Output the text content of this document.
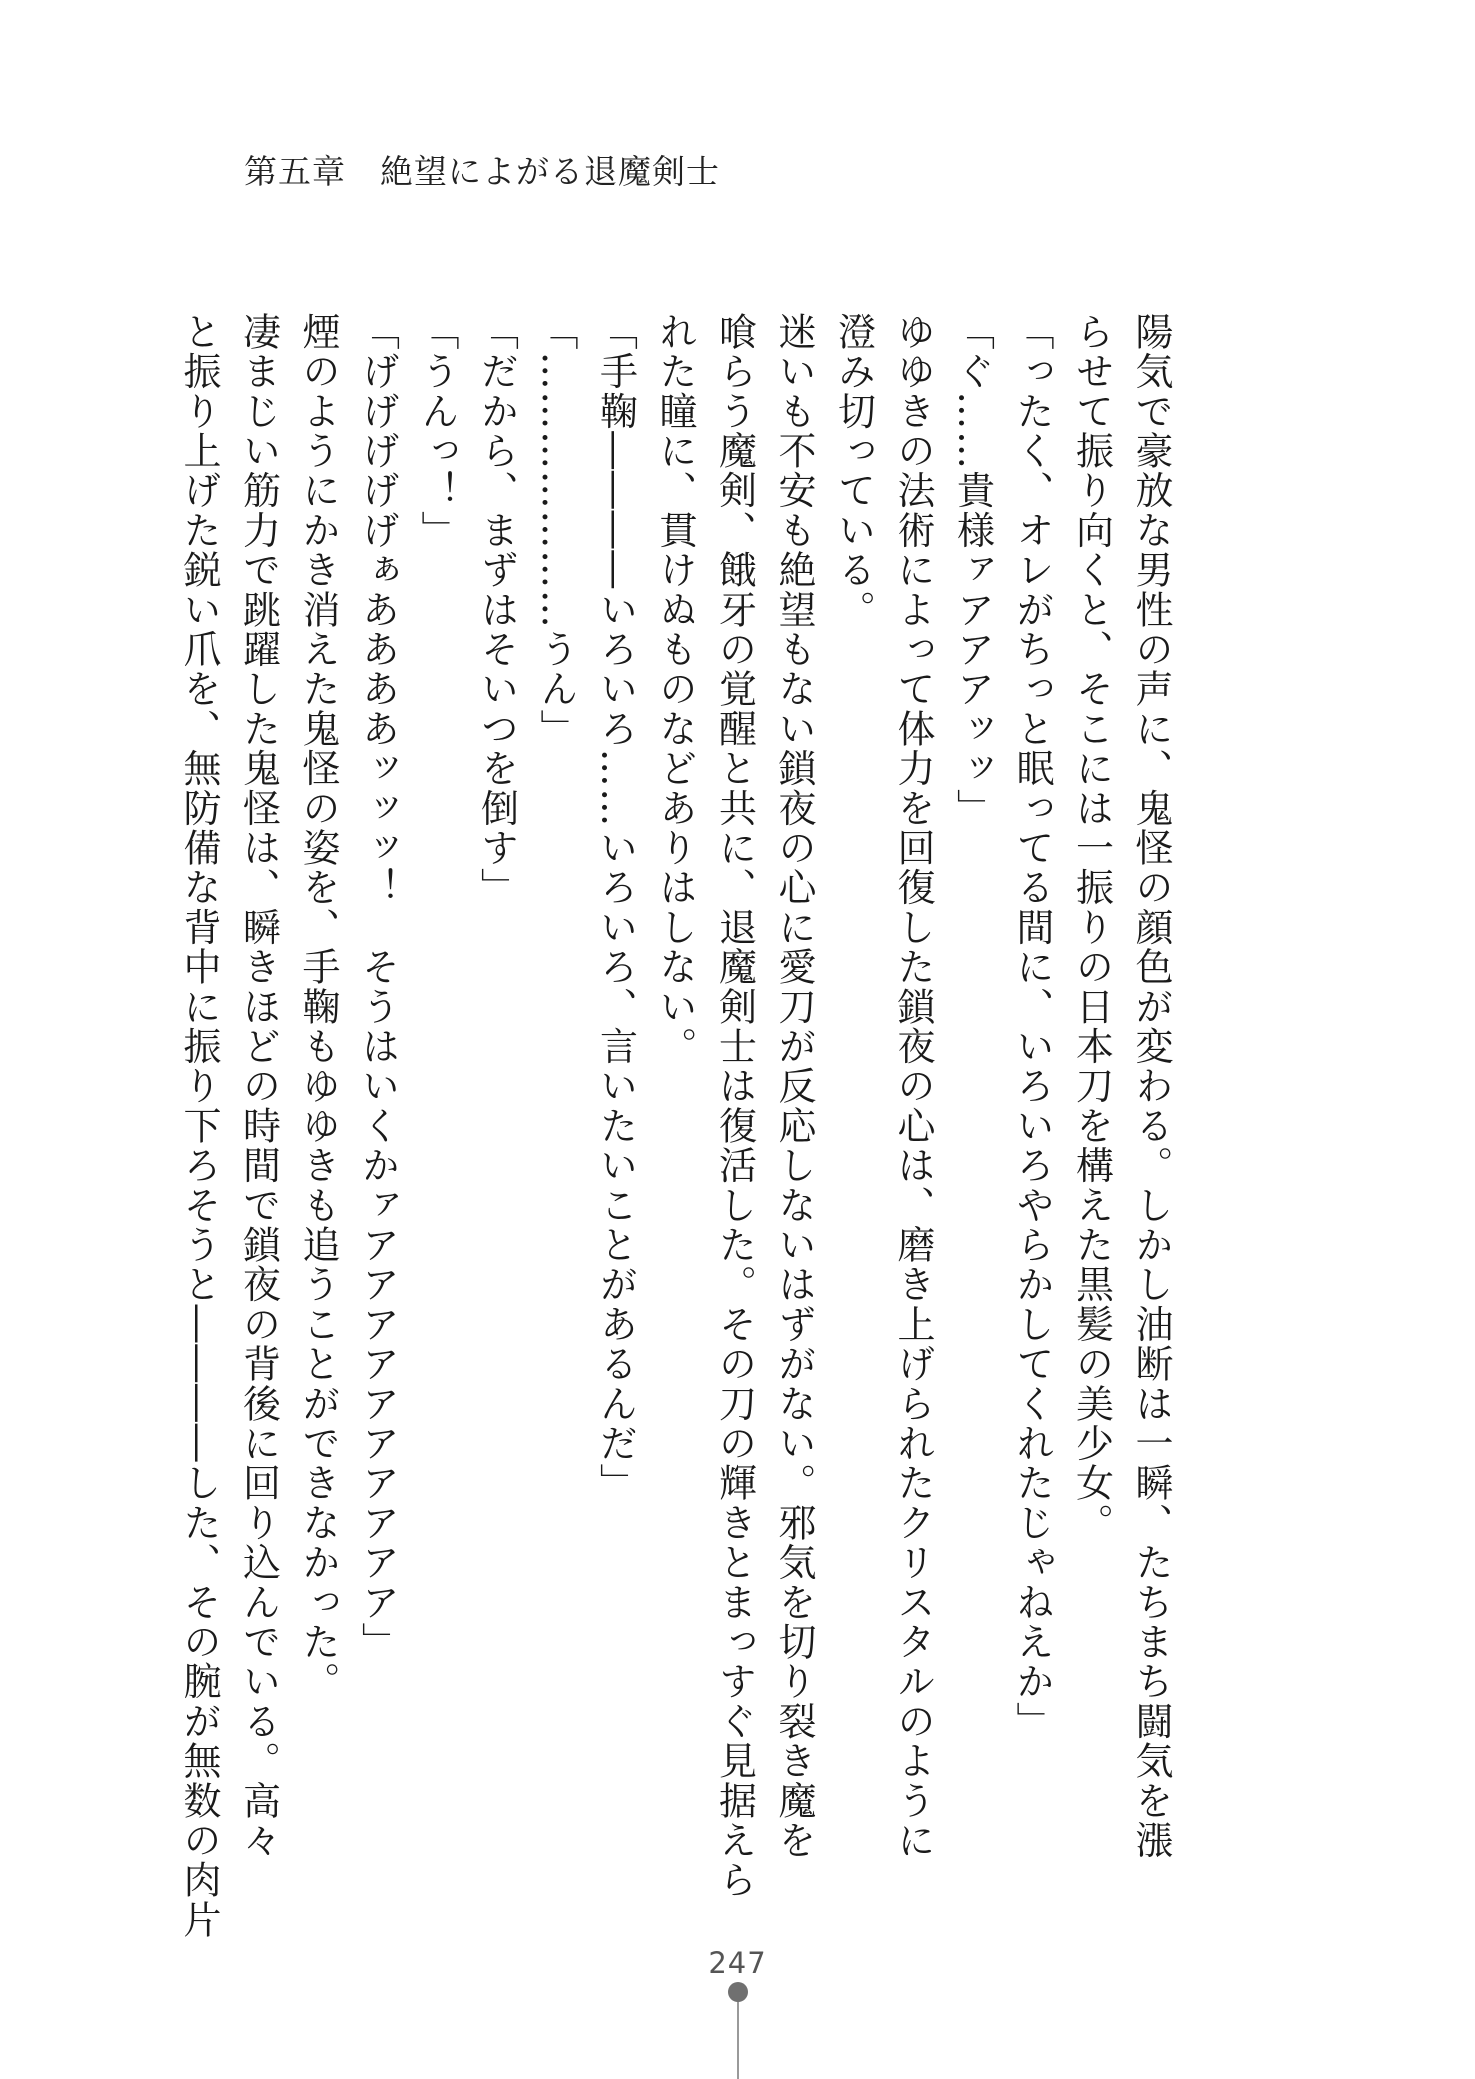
第五章　絶望によがる退魔剣士
陽気で豪放な男性の声に、鬼怪の顔色が変わる。しかし油断は一瞬、たちまち闘気を漲
らせて振り向くと、そこには一振りの日本刀を構えた黒髪の美少女。
「ったく、オレがちっと眠ってる間に、いろいろやらかしてくれたじゃねえか」
「ぐ……貴様ァアアアッッ」
ゆゆきの法術によって体力を回復した鎖夜の心は、磨き上げられたクリスタルのように
澄み切っている。
迷いも不安も絶望もない鎖夜の心に愛刀が反応しないはずがない。邪気を切り裂き魔を
喰らう魔剣、餓牙の覚醒と共に、退魔剣士は復活した。その刀の輝きとまっすぐ見据えら
れた瞳に、貫けぬものなどありはしない。
「手鞠――――いろいろ……いろいろ、言いたいことがあるんだ」
「…………………うん」
「だから、まずはそいつを倒す」
「うんっ！」
「げげげげげぁああああッッッ！　そうはいくかァアアアアアアアアアア」
煙のようにかき消えた鬼怪の姿を、手鞠もゆゆきも追うことができなかった。
凄まじい筋力で跳躍した鬼怪は、瞬きほどの時間で鎖夜の背後に回り込んでいる。高々
と振り上げた鋭い爪を、無防備な背中に振り下ろそうと――――した、その腕が無数の肉片
247
